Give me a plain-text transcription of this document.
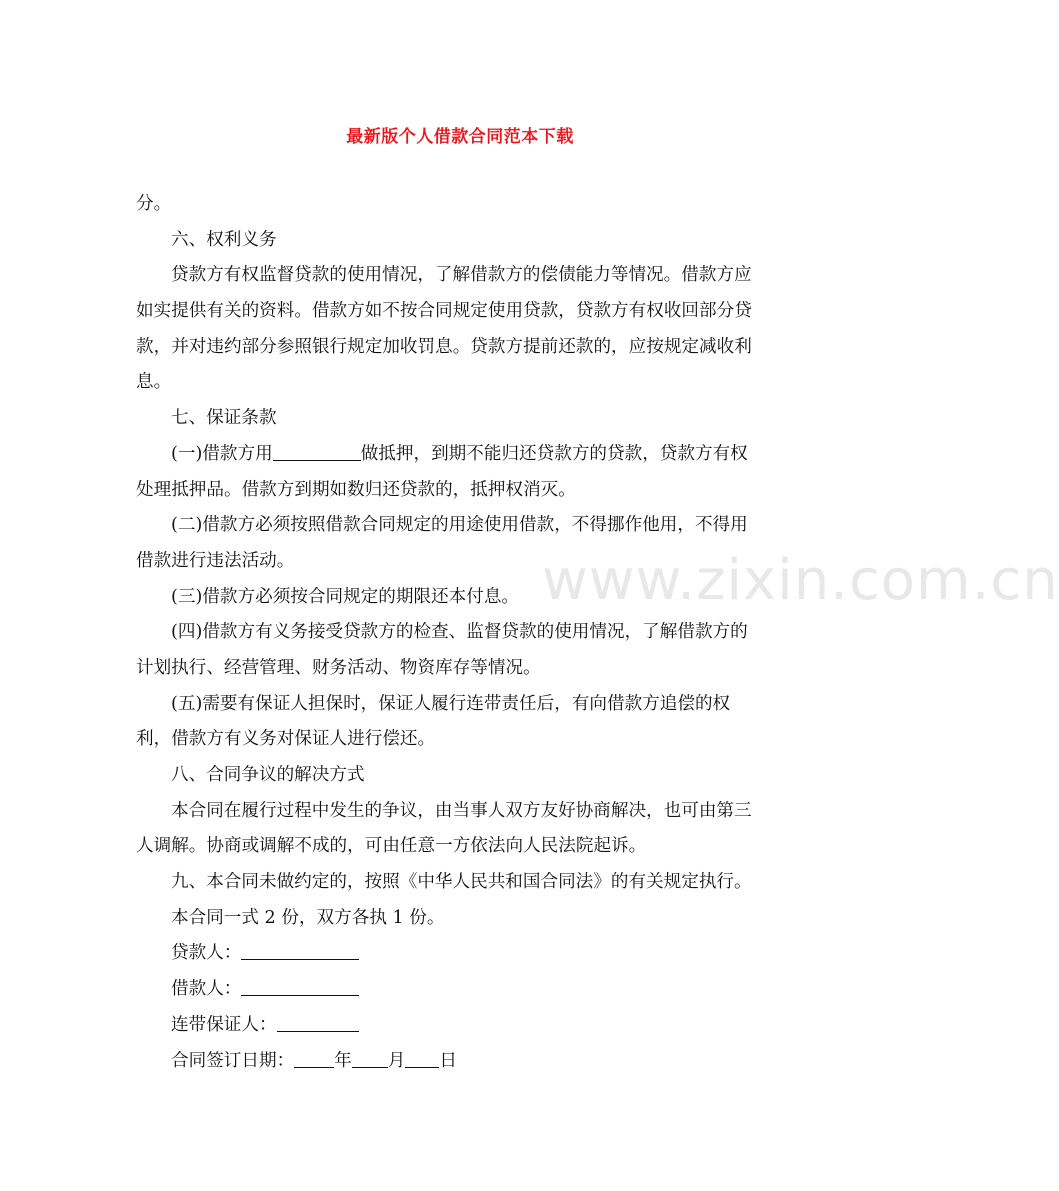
www.zixin.com.cn
最新版个人借款合同范本下载
分。
六、权利义务
贷款方有权监督贷款的使用情况，了解借款方的偿债能力等情况。借款方应
如实提供有关的资料。借款方如不按合同规定使用贷款，贷款方有权收回部分贷
款，并对违约部分参照银行规定加收罚息。贷款方提前还款的，应按规定减收利
息。
七、保证条款
(一)借款方用	做抵押，到期不能归还贷款方的贷款，贷款方有权
处理抵押品。借款方到期如数归还贷款的，抵押权消灭。
(二)借款方必须按照借款合同规定的用途使用借款，不得挪作他用，不得用
借款进行违法活动。
(三)借款方必须按合同规定的期限还本付息。
(四)借款方有义务接受贷款方的检查、监督贷款的使用情况，了解借款方的
计划执行、经营管理、财务活动、物资库存等情况。
(五)需要有保证人担保时，保证人履行连带责任后，有向借款方追偿的权
利，借款方有义务对保证人进行偿还。
八、合同争议的解决方式
本合同在履行过程中发生的争议，由当事人双方友好协商解决，也可由第三
人调解。协商或调解不成的，可由任意一方依法向人民法院起诉。
九、本合同未做约定的，按照《中华人民共和国合同法》的有关规定执行。
本合同一式 2 份，双方各执 1 份。
贷款人：
借款人：
连带保证人：
合同签订日期： 年 月 日
